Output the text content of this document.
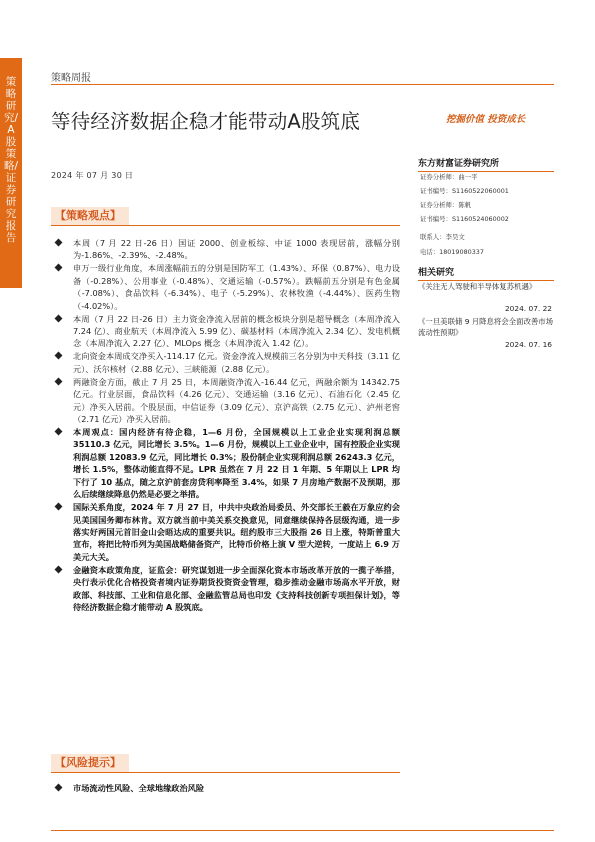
策略研究/A股策略/证券研究报告
策略周报
等待经济数据企稳才能带动A股筑底	挖掘价值 投资成长
2024 年 07 月 30 日
【策略观点】
本周（7 月 22 日-26 日）国证 2000、创业板综、中证 1000 表现居前，涨幅分别为-1.86%、-2.39%、-2.48%。
申万一级行业角度，本周涨幅前五的分别是国防军工（1.43%）、环保（0.87%）、电力设备（-0.28%）、公用事业（-0.48%）、交通运输（-0.57%）。跌幅前五分别是有色金属（-7.08%）、食品饮料（-6.34%）、电子（-5.29%）、农林牧渔（-4.44%）、医药生物（-4.02%）。
本周（7 月 22 日-26 日）主力资金净流入居前的概念板块分别是超导概念（本周净流入 7.24 亿）、商业航天（本周净流入 5.99 亿）、碳基材料（本周净流入 2.34 亿）、发电机概念（本周净流入 2.27 亿）、MLOps 概念（本周净流入 1.42 亿）。
北向资金本周成交净买入-114.17 亿元。资金净流入规模前三名分别为中天科技（3.11 亿元）、沃尔核材（2.88 亿元）、三峡能源（2.88 亿元）。
两融资金方面，截止 7 月 25 日，本周融资净流入-16.44 亿元，两融余额为 14342.75 亿元。行业层面，食品饮料（4.26 亿元）、交通运输（3.16 亿元）、石油石化（2.45 亿元）净买入居前。个股层面，中信证券（3.09 亿元）、京沪高铁（2.75 亿元）、泸州老窖（2.71 亿元）净买入居前。
本周观点：国内经济有待企稳，1—6 月份，全国规模以上工业企业实现利润总额 35110.3 亿元，同比增长 3.5%。1—6 月份，规模以上工业企业中，国有控股企业实现利润总额 12083.9 亿元，同比增长 0.3%；股份制企业实现利润总额 26243.3 亿元，增长 1.5%，整体动能直得不足。LPR 虽然在 7 月 22 日 1 年期、5 年期以上 LPR 均下行了 10 基点，随之京沪前套房贷利率降至 3.4%，如果 7 月房地产数据不及预期，那么后续继续降息仍然是必要之举措。
国际关系角度，2024 年 7 月 27 日，中共中央政治局委员、外交部长王毅在万象应约会见美国国务卿布林肯。双方就当前中美关系交换意见，同意继续保持各层级沟通，进一步落实好两国元首旧金山会晤达成的重要共识。纽约股市三大股指 26 日上涨，特斯普重大宣布，将把比特币列为美国战略储备资产，比特币价格上演 V 型大逆转，一度站上 6.9 万美元大关。
金融资本政策角度，证监会：研究谋划进一步全面深化资本市场改革开放的一揽子举措，央行表示优化合格投资者境内证券期货投资资金管理，稳步推动金融市场高水平开放，财政部、科技部、工业和信息化部、金融监管总局也印发《支持科技创新专项担保计划》，等待经济数据企稳才能带动 A 股筑底。
【风险提示】
市场流动性风险、全球地缘政治风险
东方财富证券研究所
证券分析师：曲一平
证书编号：S1160522060001
证券分析师：陈帆
证书编号：S1160524060002
联系人：李昊文
电话：18019080337
相关研究
《关注无人驾驶和半导体复苏机遇》
2024. 07. 22
《一旦美联储 9 月降息将会全面改善市场流动性预期》
2024. 07. 16
